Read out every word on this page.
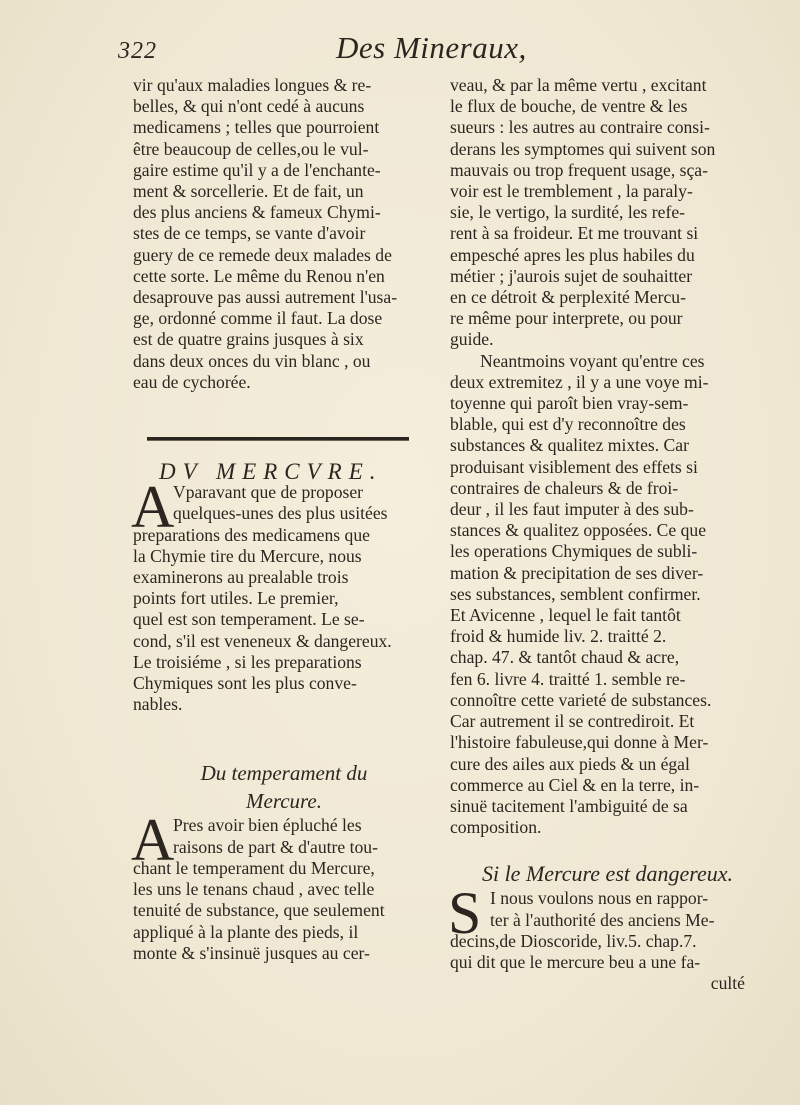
322	Des Mineraux,

vir qu'aux maladies longues & re-
belles, & qui n'ont cedé à aucuns
medicamens ; telles que pourroient
être beaucoup de celles,ou le vul-
gaire estime qu'il y a de l'enchante-
ment & sorcellerie. Et de fait, un
des plus anciens & fameux Chymi-
stes de ce temps, se vante d'avoir
guery de ce remede deux malades de
cette sorte. Le même du Renou n'en
desaprouve pas aussi autrement l'usa-
ge, ordonné comme il faut. La dose
est de quatre grains jusques à six
dans deux onces du vin blanc , ou
eau de cychorée.

DV MERCVRE.

A
Vparavant que de proposer
quelques-unes des plus usitées
preparations des medicamens que
la Chymie tire du Mercure, nous
examinerons au prealable trois
points fort utiles. Le premier,
quel est son temperament. Le se-
cond, s'il est veneneux & dangereux.
Le troisiéme , si les preparations
Chymiques sont les plus conve-
nables.

Du temperament du
Mercure.

A
Pres avoir bien épluché les
raisons de part & d'autre tou-
chant le temperament du Mercure,
les uns le tenans chaud , avec telle
tenuité de substance, que seulement
appliqué à la plante des pieds, il
monte & s'insinuë jusques au cer-

veau, & par la même vertu , excitant
le flux de bouche, de ventre & les
sueurs : les autres au contraire consi-
derans les symptomes qui suivent son
mauvais ou trop frequent usage, sça-
voir est le tremblement , la paraly-
sie, le vertigo, la surdité, les refe-
rent à sa froideur. Et me trouvant si
empesché apres les plus habiles du
métier ; j'aurois sujet de souhaitter
en ce détroit & perplexité Mercu-
re même pour interprete, ou pour
guide.

Neantmoins voyant qu'entre ces
deux extremitez , il y a une voye mi-
toyenne qui paroît bien vray-sem-
blable, qui est d'y reconnoître des
substances & qualitez mixtes. Car
produisant visiblement des effets si
contraires de chaleurs & de froi-
deur , il les faut imputer à des sub-
stances & qualitez opposées. Ce que
les operations Chymiques de subli-
mation & precipitation de ses diver-
ses substances, semblent confirmer.
Et Avicenne , lequel le fait tantôt
froid & humide liv. 2. traitté 2.
chap. 47. & tantôt chaud & acre,
fen 6. livre 4. traitté 1. semble re-
connoître cette varieté de substances.
Car autrement il se contrediroit. Et
l'histoire fabuleuse,qui donne à Mer-
cure des ailes aux pieds & un égal
commerce au Ciel & en la terre, in-
sinuë tacitement l'ambiguité de sa
composition.

Si le Mercure est dangereux.

S I nous voulons nous en rappor-
ter à l'authorité des anciens Me-
decins,de Dioscoride, liv.5. chap.7.
qui dit que le mercure beu a une fa-
culté
